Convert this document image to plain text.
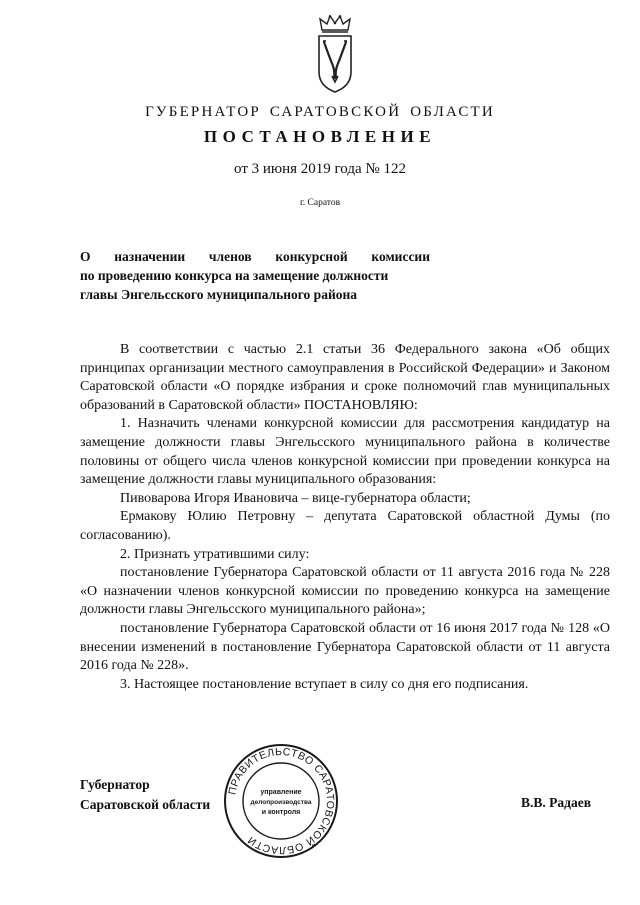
ГУБЕРНАТОР САРАТОВСКОЙ ОБЛАСТИ
ПОСТАНОВЛЕНИЕ
от 3 июня 2019 года № 122
г. Саратов
О назначении членов конкурсной комиссии
по проведению конкурса на замещение должности
главы Энгельсского муниципального района

В соответствии с частью 2.1 статьи 36 Федерального закона «Об общих принципах организации местного самоуправления в Российской Федерации» и Законом Саратовской области «О порядке избрания и сроке полномочий глав муниципальных образований в Саратовской области» ПОСТАНОВЛЯЮ:

1. Назначить членами конкурсной комиссии для рассмотрения кандидатур на замещение должности главы Энгельсского муниципального района в количестве половины от общего числа членов конкурсной комиссии при проведении конкурса на замещение должности главы муниципального образования:

Пивоварова Игоря Ивановича – вице-губернатора области;

Ермакову Юлию Петровну – депутата Саратовской областной Думы (по согласованию).

2. Признать утратившими силу:

постановление Губернатора Саратовской области от 11 августа 2016 года № 228 «О назначении членов конкурсной комиссии по проведению конкурса на замещение должности главы Энгельсского муниципального района»;

постановление Губернатора Саратовской области от 16 июня 2017 года № 128 «О внесении изменений в постановление Губернатора Саратовской области от 11 августа 2016 года № 228».

3. Настоящее постановление вступает в силу со дня его подписания.

Губернатор
Саратовской области	В.В. Радаев
ПРАВИТЕЛЬСТВО САРАТОВСКОЙ ОБЛАСТИ
управление
делопроизводства
и контроля
